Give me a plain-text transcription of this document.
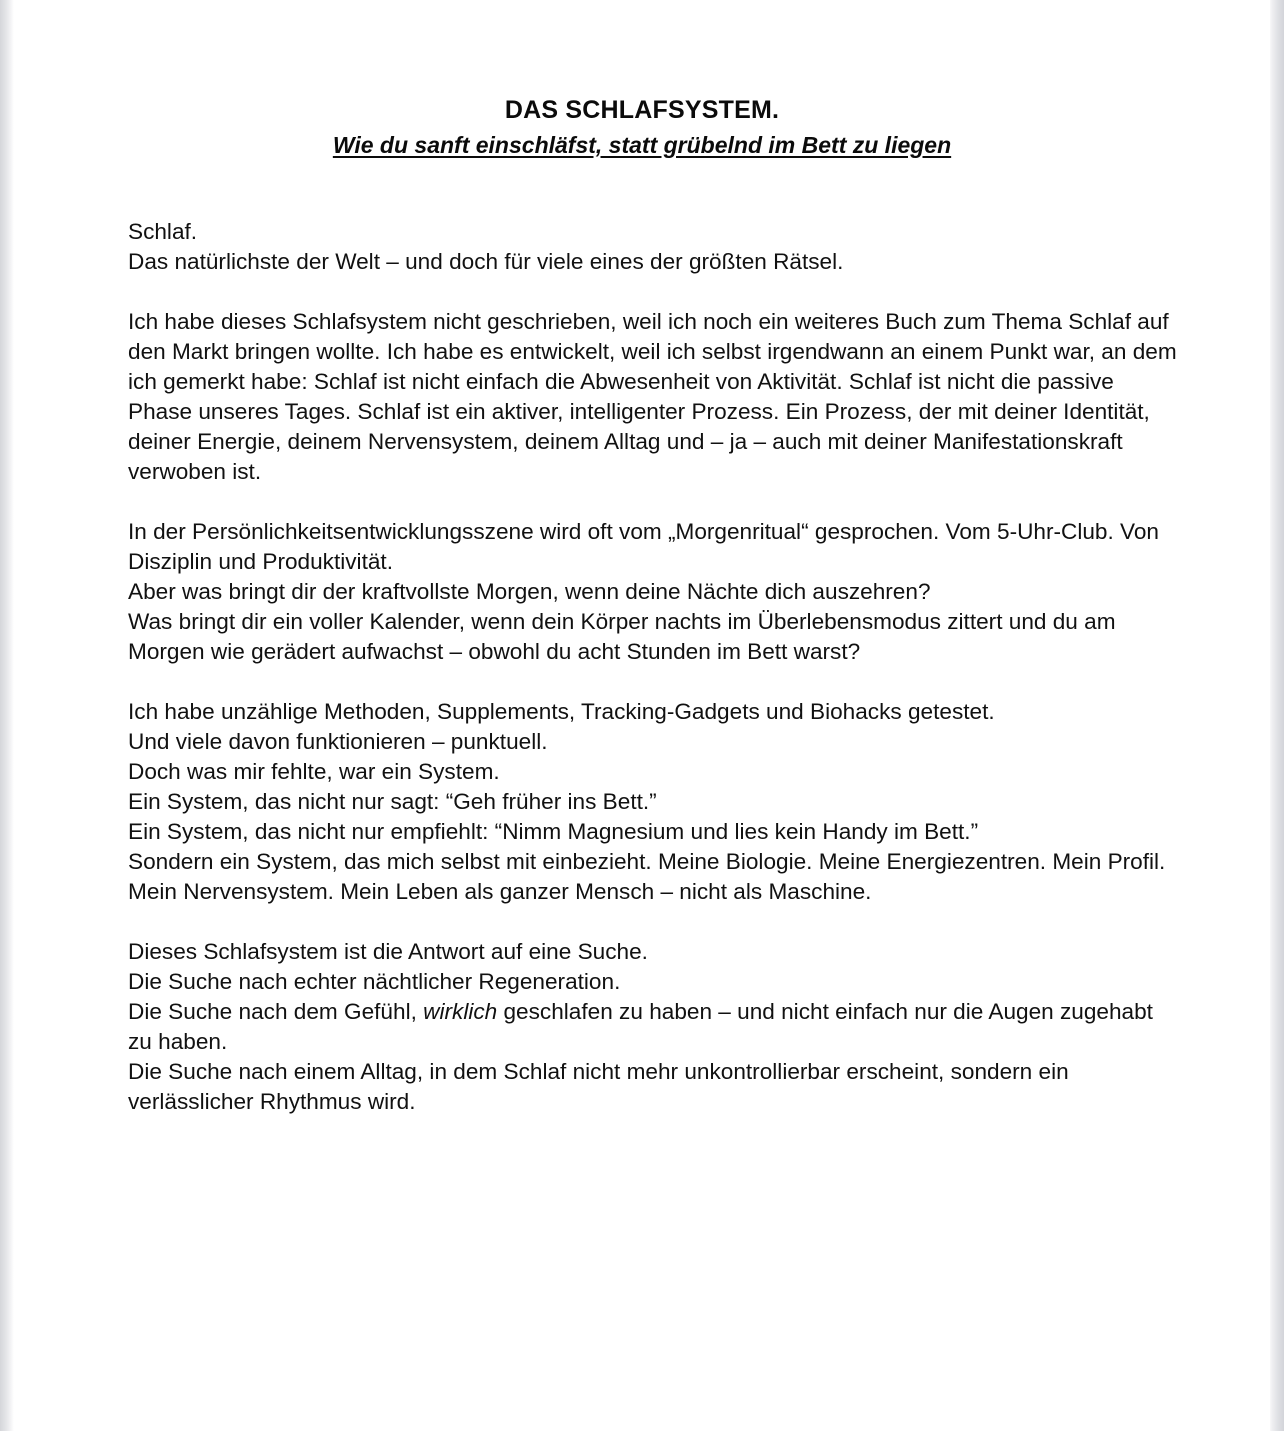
DAS SCHLAFSYSTEM.
Wie du sanft einschläfst, statt grübelnd im Bett zu liegen

Schlaf.
Das natürlichste der Welt – und doch für viele eines der größten Rätsel.

Ich habe dieses Schlafsystem nicht geschrieben, weil ich noch ein weiteres Buch zum Thema Schlaf auf den Markt bringen wollte. Ich habe es entwickelt, weil ich selbst irgendwann an einem Punkt war, an dem ich gemerkt habe: Schlaf ist nicht einfach die Abwesenheit von Aktivität. Schlaf ist nicht die passive Phase unseres Tages. Schlaf ist ein aktiver, intelligenter Prozess. Ein Prozess, der mit deiner Identität, deiner Energie, deinem Nervensystem, deinem Alltag und – ja – auch mit deiner Manifestationskraft verwoben ist.

In der Persönlichkeitsentwicklungsszene wird oft vom „Morgenritual“ gesprochen. Vom 5-Uhr-Club. Von Disziplin und Produktivität.
Aber was bringt dir der kraftvollste Morgen, wenn deine Nächte dich auszehren?
Was bringt dir ein voller Kalender, wenn dein Körper nachts im Überlebensmodus zittert und du am Morgen wie gerädert aufwachst – obwohl du acht Stunden im Bett warst?

Ich habe unzählige Methoden, Supplements, Tracking-Gadgets und Biohacks getestet.
Und viele davon funktionieren – punktuell.
Doch was mir fehlte, war ein System.
Ein System, das nicht nur sagt: “Geh früher ins Bett.”
Ein System, das nicht nur empfiehlt: “Nimm Magnesium und lies kein Handy im Bett.”
Sondern ein System, das mich selbst mit einbezieht. Meine Biologie. Meine Energiezentren. Mein Profil. Mein Nervensystem. Mein Leben als ganzer Mensch – nicht als Maschine.

Dieses Schlafsystem ist die Antwort auf eine Suche.
Die Suche nach echter nächtlicher Regeneration.
Die Suche nach dem Gefühl, wirklich geschlafen zu haben – und nicht einfach nur die Augen zugehabt zu haben.
Die Suche nach einem Alltag, in dem Schlaf nicht mehr unkontrollierbar erscheint, sondern ein verlässlicher Rhythmus wird.
